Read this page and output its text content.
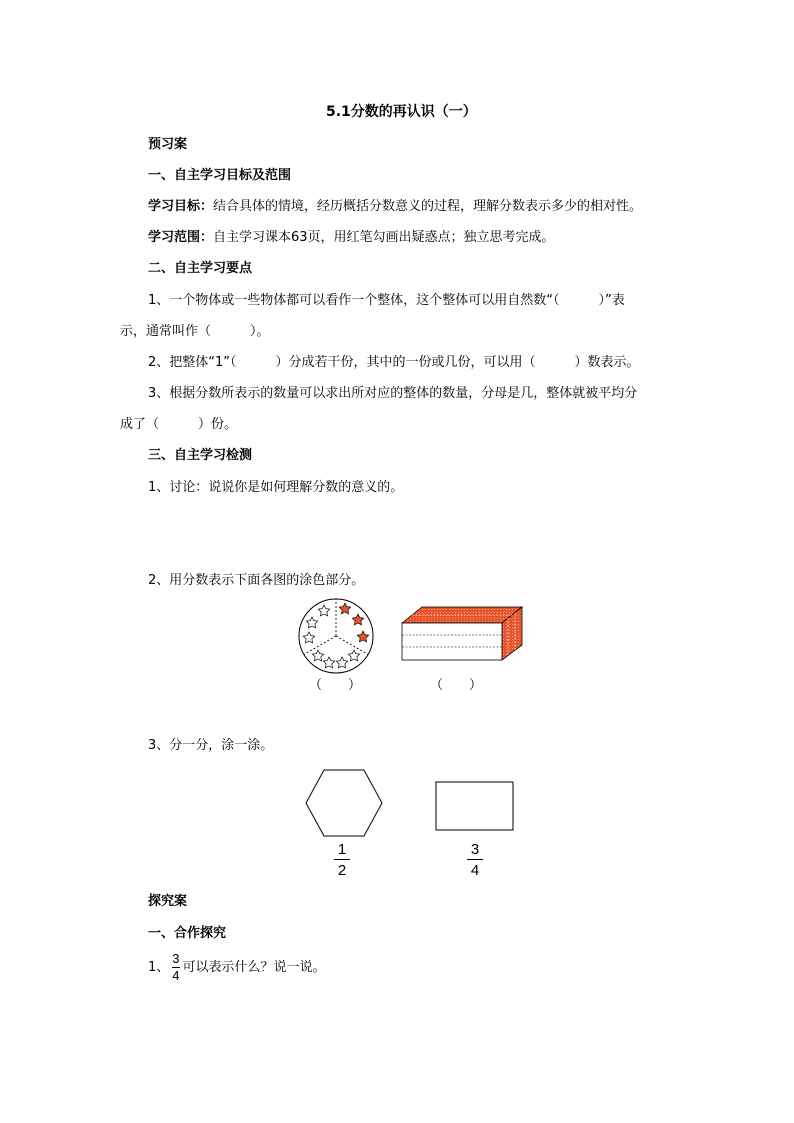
5.1分数的再认识（一）
预习案
一、自主学习目标及范围
学习目标：结合具体的情境，经历概括分数意义的过程，理解分数表示多少的相对性。
学习范围：自主学习课本63页，用红笔勾画出疑惑点；独立思考完成。
二、自主学习要点
1、一个物体或一些物体都可以看作一个整体，这个整体可以用自然数“（　　　）”表
示，通常叫作（　　　）。
2、把整体“1”（　　　）分成若干份，其中的一份或几份，可以用（　　　）数表示。
3、根据分数所表示的数量可以求出所对应的整体的数量，分母是几，整体就被平均分
成了（　　　）份。
三、自主学习检测
1、讨论：说说你是如何理解分数的意义的。
2、用分数表示下面各图的涂色部分。
（　　）	（　　）
3、分一分，涂一涂。
1
2
3
4
探究案
一、合作探究
1、 $\frac{3}{4}$ 可以表示什么？说一说。
